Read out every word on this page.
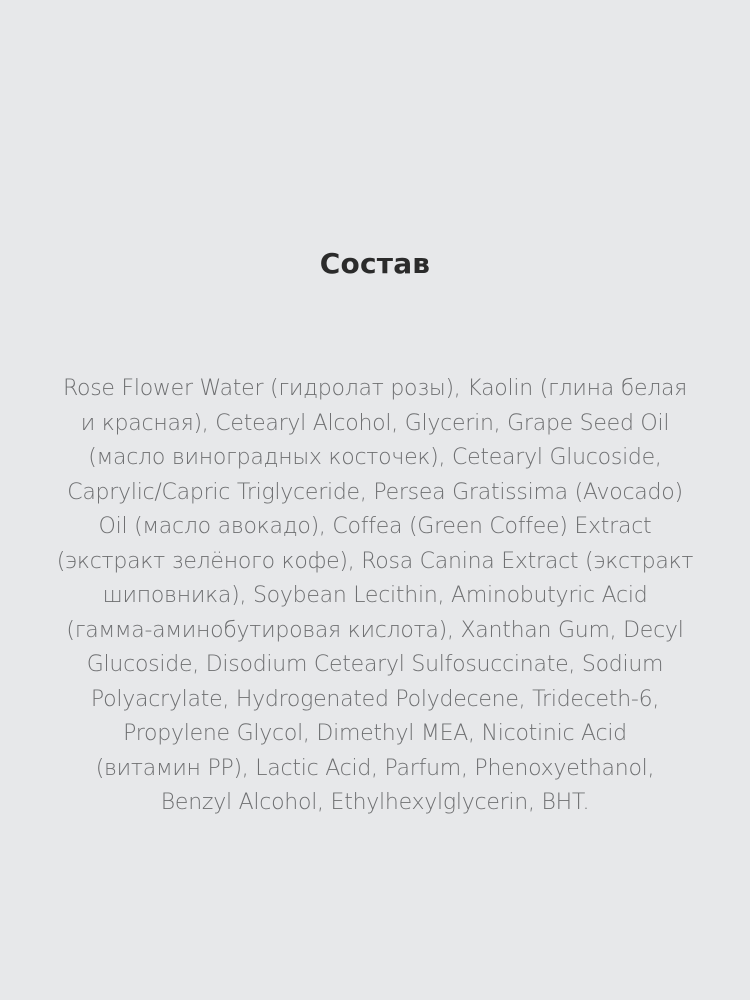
Состав
Rose Flower Water (гидролат розы), Kaolin (глина белая
и красная), Cetearyl Alcohol, Glycerin, Grape Seed Oil
(масло виноградных косточек), Cetearyl Glucoside,
Caprylic/Capric Triglyceride, Persea Gratissima (Avocado)
Oil (масло авокадо), Coffea (Green Coffee) Extract
(экстракт зелёного кофе), Rosa Canina Extract (экстракт
шиповника), Soybean Lecithin, Aminobutyric Acid
(гамма-аминобутировая кислота), Xanthan Gum, Decyl
Glucoside, Disodium Cetearyl Sulfosuccinate, Sodium
Polyacrylate, Hydrogenated Polydecene, Trideceth-6,
Propylene Glycol, Dimethyl MEA, Nicotinic Acid
(витамин PP), Lactic Acid, Parfum, Phenoxyethanol,
Benzyl Alcohol, Ethylhexylglycerin, BHT.
